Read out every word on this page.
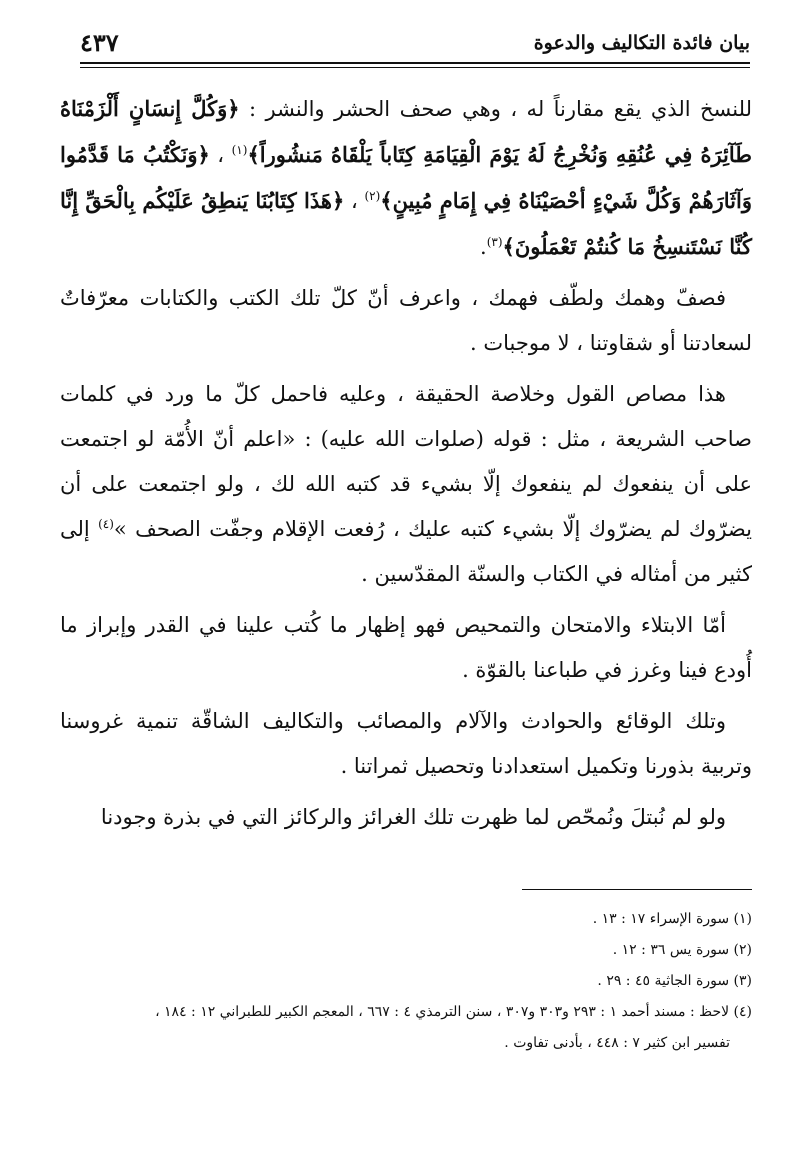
بيان فائدة التكاليف والدعوة
٤٣٧

للنسخ الذي يقع مقارناً له ، وهي صحف الحشر والنشر : ﴿وَكُلَّ إِنسَانٍ أَلْزَمْنَاهُ طَآئِرَهُ فِي عُنُقِهِ وَنُخْرِجُ لَهُ يَوْمَ الْقِيَامَةِ كِتَاباً يَلْقَاهُ مَنشُوراً﴾$^{(١)}$ ، ﴿وَنَكْتُبُ مَا قَدَّمُوا وَآثَارَهُمْ وَكُلَّ شَيْءٍ أحْصَيْنَاهُ فِي إِمَامٍ مُبِينٍ﴾$^{(٢)}$ ، ﴿هَذَا كِتَابُنَا يَنطِقُ عَلَيْكُم بِالْحَقِّ إِنَّا كُنَّا نَسْتَنسِخُ مَا كُنتُمْ تَعْمَلُونَ﴾$^{(٣)}$.

فصفّ وهمك ولطّف فهمك ، واعرف أنّ كلّ تلك الكتب والكتابات معرّفاتٌ لسعادتنا أو شقاوتنا ، لا موجبات .

هذا مصاص القول وخلاصة الحقيقة ، وعليه فاحمل كلّ ما ورد في كلمات صاحب الشريعة ، مثل : قوله (صلوات الله عليه) : «اعلم أنّ الأُمّة لو اجتمعت على أن ينفعوك لم ينفعوك إلّا بشيء قد كتبه الله لك ، ولو اجتمعت على أن يضرّوك لم يضرّوك إلّا بشيء كتبه عليك ، رُفعت الإقلام وجفّت الصحف »$^{(٤)}$ إلى كثير من أمثاله في الكتاب والسنّة المقدّسين .

أمّا الابتلاء والامتحان والتمحيص فهو إظهار ما كُتب علينا في القدر وإبراز ما أُودع فينا وغرز في طباعنا بالقوّة .

وتلك الوقائع والحوادث والآلام والمصائب والتكاليف الشاقّة تنمية غروسنا وتربية بذورنا وتكميل استعدادنا وتحصيل ثمراتنا .

ولو لم نُبتلَ ونُمحّص لما ظهرت تلك الغرائز والركائز التي في بذرة وجودنا

(١) سورة الإسراء ١٧ : ١٣ .

(٢) سورة يس ٣٦ : ١٢ .

(٣) سورة الجاثية ٤٥ : ٢٩ .

(٤) لاحظ : مسند أحمد ١ : ٢٩٣ و٣٠٣ و٣٠٧ ، سنن الترمذي ٤ : ٦٦٧ ، المعجم الكبير للطبراني ١٢ : ١٨٤ ،

تفسير ابن كثير ٧ : ٤٤٨ ، بأدنى تفاوت .
